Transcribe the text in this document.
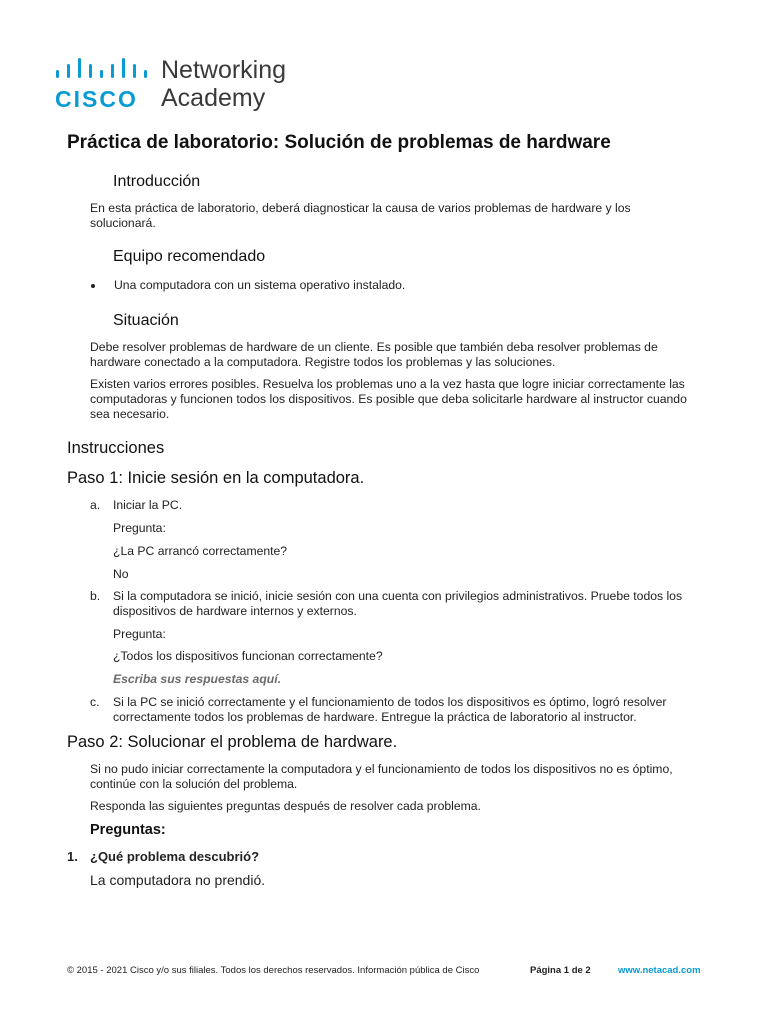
CISCO
Networking
Academy
Práctica de laboratorio: Solución de problemas de hardware
Introducción
En esta práctica de laboratorio, deberá diagnosticar la causa de varios problemas de hardware y los solucionará.
Equipo recomendado
Una computadora con un sistema operativo instalado.
Situación
Debe resolver problemas de hardware de un cliente. Es posible que también deba resolver problemas de hardware conectado a la computadora. Registre todos los problemas y las soluciones.
Existen varios errores posibles. Resuelva los problemas uno a la vez hasta que logre iniciar correctamente las computadoras y funcionen todos los dispositivos. Es posible que deba solicitarle hardware al instructor cuando sea necesario.
Instrucciones
Paso 1: Inicie sesión en la computadora.
a. Iniciar la PC.
Pregunta:
¿La PC arrancó correctamente?
No
b. Si la computadora se inició, inicie sesión con una cuenta con privilegios administrativos. Pruebe todos los dispositivos de hardware internos y externos.
Pregunta:
¿Todos los dispositivos funcionan correctamente?
Escriba sus respuestas aquí.
c. Si la PC se inició correctamente y el funcionamiento de todos los dispositivos es óptimo, logró resolver correctamente todos los problemas de hardware. Entregue la práctica de laboratorio al instructor.
Paso 2: Solucionar el problema de hardware.
Si no pudo iniciar correctamente la computadora y el funcionamiento de todos los dispositivos no es óptimo, continúe con la solución del problema.
Responda las siguientes preguntas después de resolver cada problema.
Preguntas:
1. ¿Qué problema descubrió?
La computadora no prendió.
© 2015 - 2021 Cisco y/o sus filiales. Todos los derechos reservados. Información pública de Cisco	Página 1 de 2	www.netacad.com
